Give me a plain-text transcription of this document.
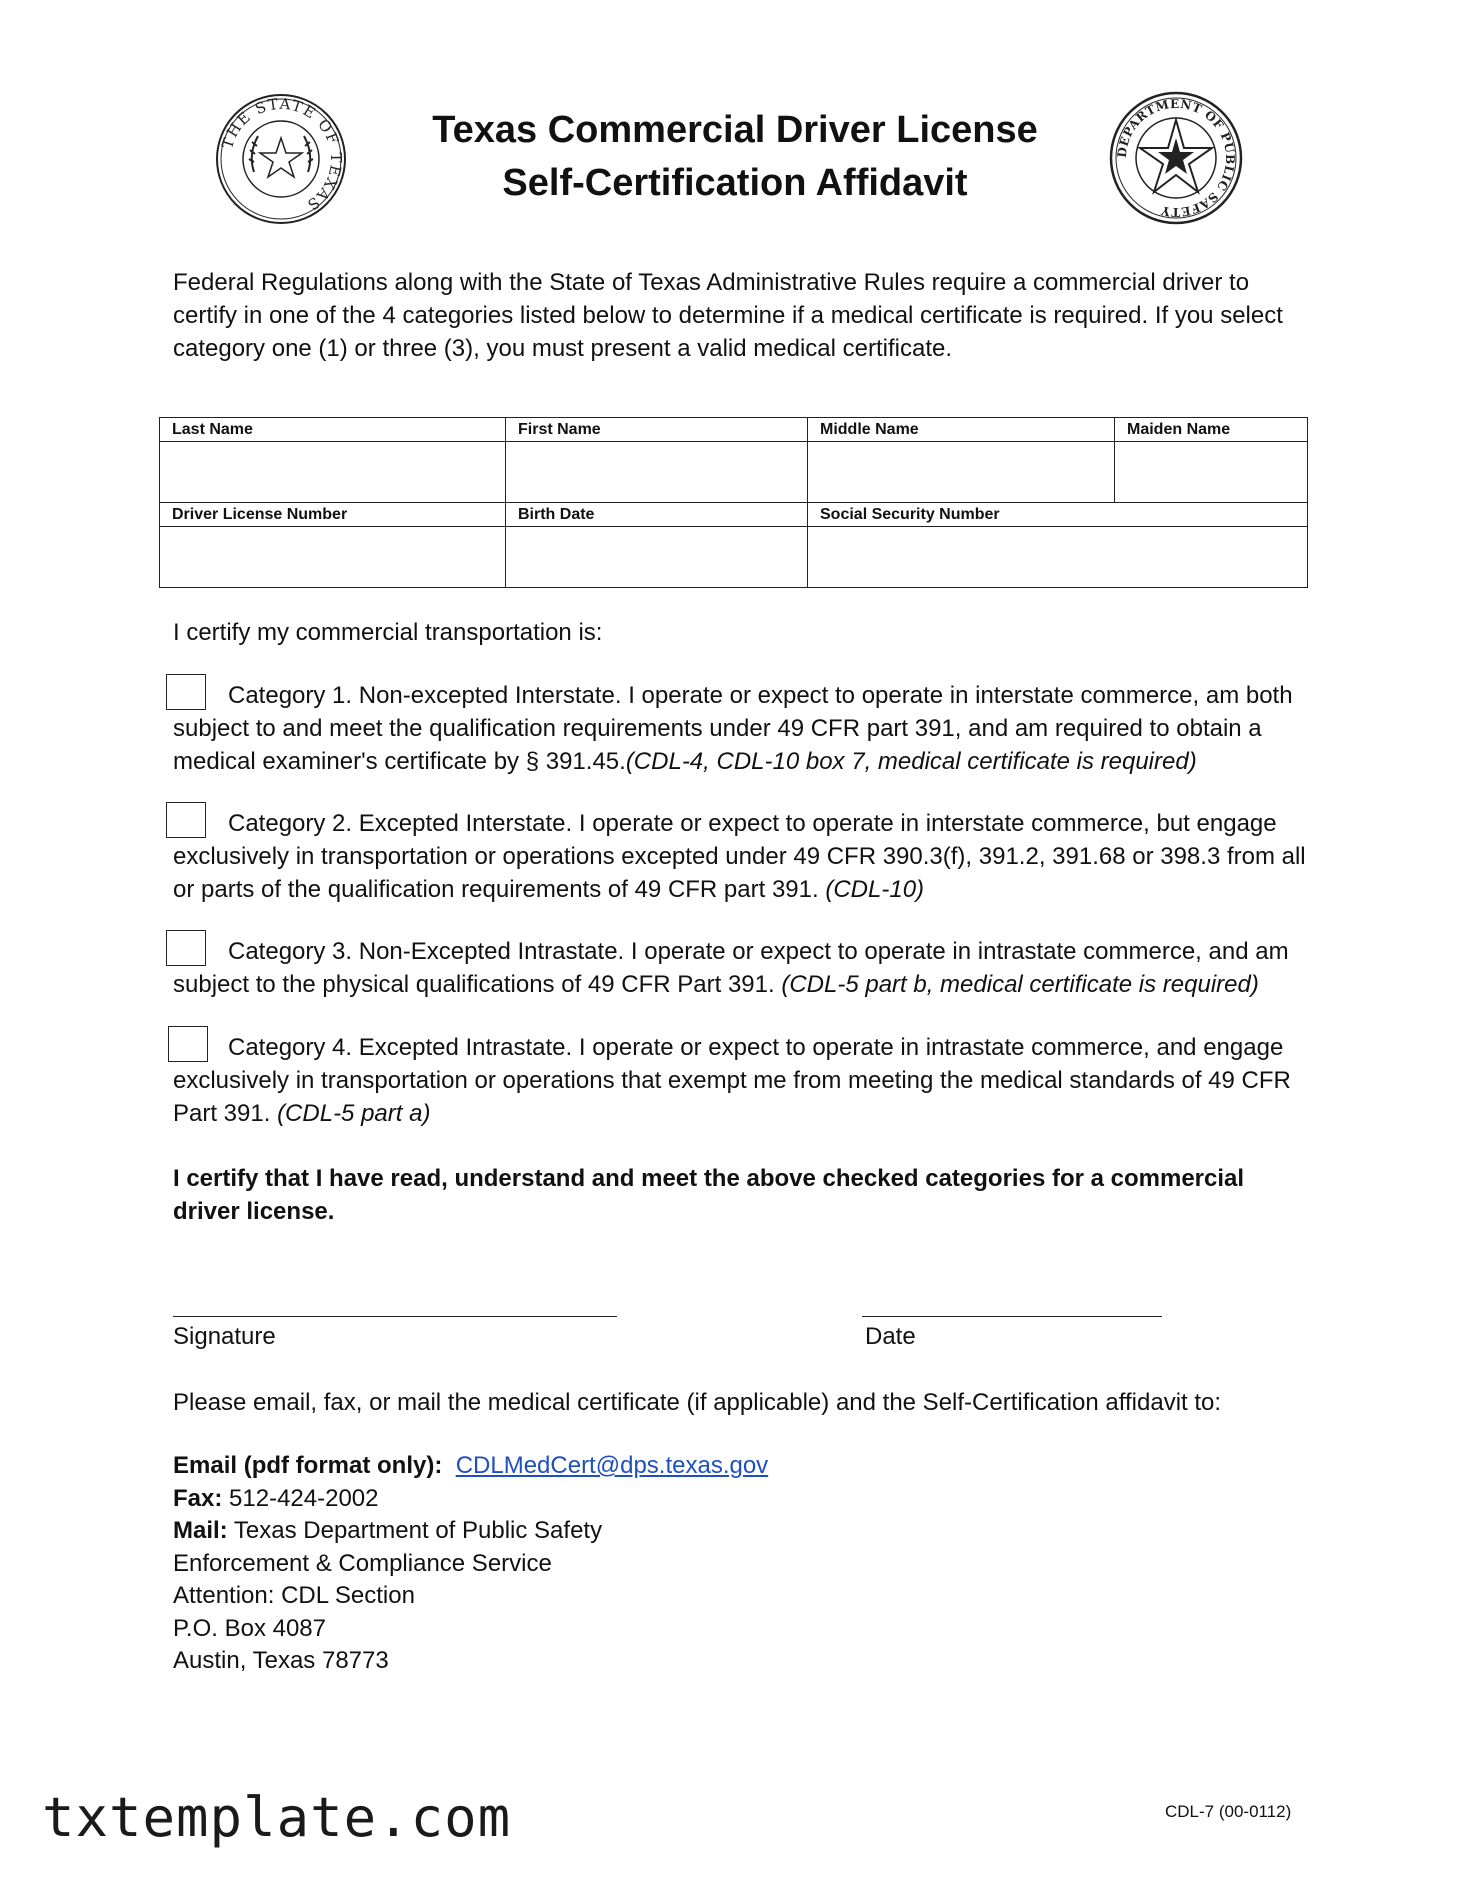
THE STATE OF TEXAS
Texas Commercial Driver License
Self-Certification Affidavit
DEPARTMENT OF PUBLIC SAFETY
Federal Regulations along with the State of Texas Administrative Rules require a commercial driver to certify in one of the 4 categories listed below to determine if a medical certificate is required. If you select category one (1) or three (3), you must present a valid medical certificate.
Last Name	First Name	Middle Name	Maiden Name

Driver License Number	Birth Date	Social Security Number	

I certify my commercial transportation is:
Category 1. Non-excepted Interstate. I operate or expect to operate in interstate commerce, am both subject to and meet the qualification requirements under 49 CFR part 391, and am required to obtain a medical examiner's certificate by § 391.45.(CDL-4, CDL-10 box 7, medical certificate is required)
Category 2. Excepted Interstate. I operate or expect to operate in interstate commerce, but engage exclusively in transportation or operations excepted under 49 CFR 390.3(f), 391.2, 391.68 or 398.3 from all or parts of the qualification requirements of 49 CFR part 391. (CDL-10)
Category 3. Non-Excepted Intrastate. I operate or expect to operate in intrastate commerce, and am subject to the physical qualifications of 49 CFR Part 391. (CDL-5 part b, medical certificate is required)
Category 4. Excepted Intrastate. I operate or expect to operate in intrastate commerce, and engage exclusively in transportation or operations that exempt me from meeting the medical standards of 49 CFR Part 391. (CDL-5 part a)
I certify that I have read, understand and meet the above checked categories for a commercial driver license.
Signature	Date
Please email, fax, or mail the medical certificate (if applicable) and the Self-Certification affidavit to:
Email (pdf format only): CDLMedCert@dps.texas.gov
Fax: 512-424-2002
Mail: Texas Department of Public Safety
Enforcement & Compliance Service
Attention: CDL Section
P.O. Box 4087
Austin, Texas 78773
CDL-7 (00-0112)
txtemplate.com
